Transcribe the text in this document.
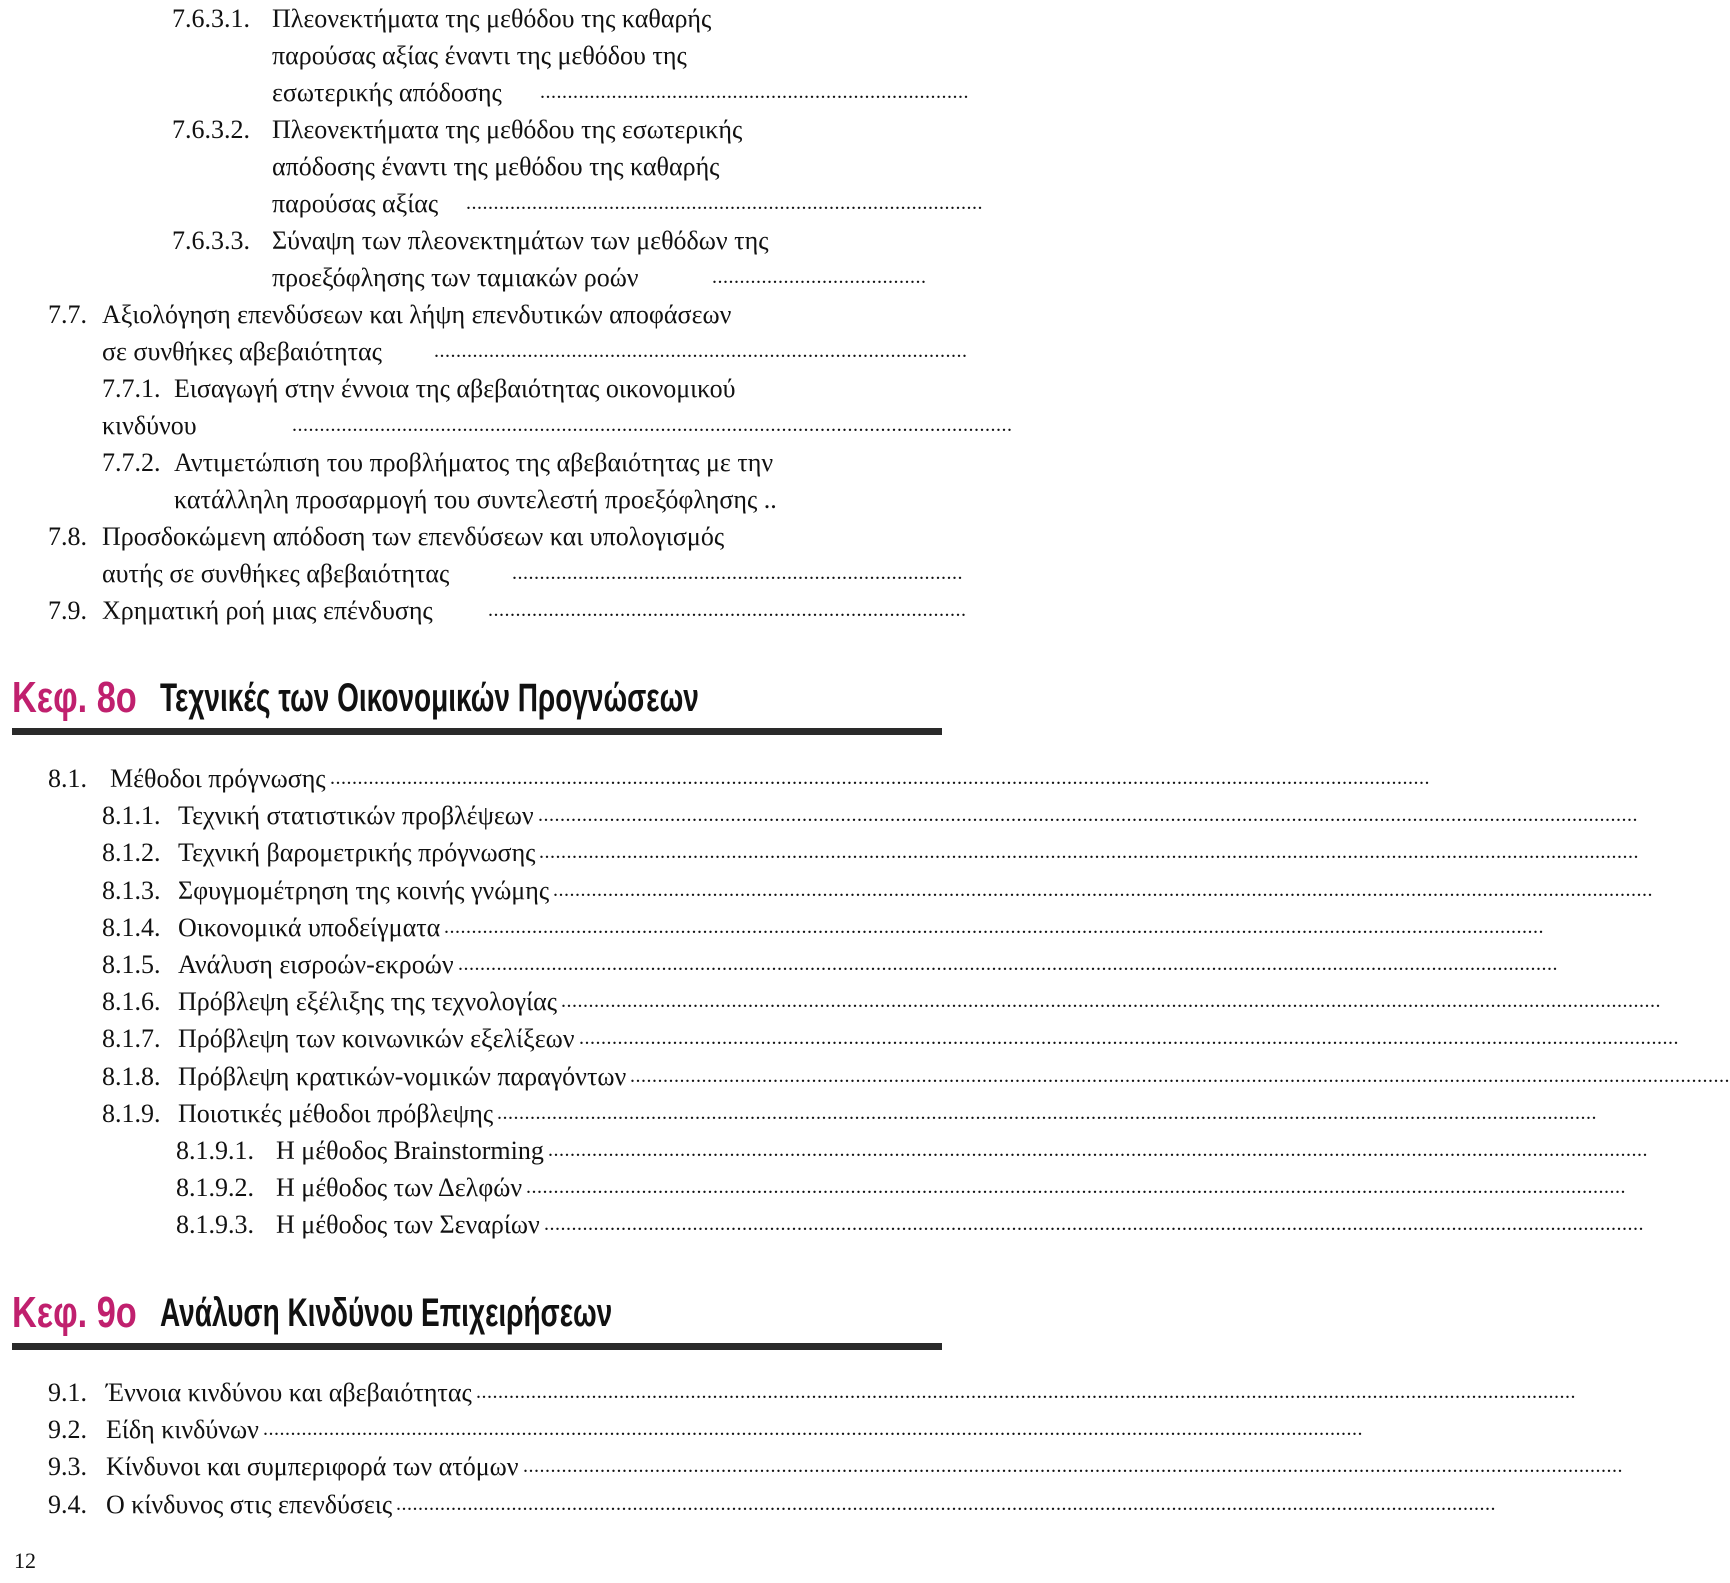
7.6.3.1. Πλεονεκτήματα της μεθόδου της καθαρής
παρούσας αξίας έναντι της μεθόδου της
εσωτερικής απόδοσης ..............................................................................
7.6.3.2. Πλεονεκτήματα της μεθόδου της εσωτερικής
απόδοσης έναντι της μεθόδου της καθαρής
παρούσας αξίας ..............................................................................................
7.6.3.3. Σύναψη των πλεονεκτημάτων των μεθόδων της
προεξόφλησης των ταμιακών ροών	.......................................
7.7. Αξιολόγηση επενδύσεων και λήψη επενδυτικών αποφάσεων
σε συνθήκες αβεβαιότητας	.................................................................................................
7.7.1. Εισαγωγή στην έννοια της αβεβαιότητας οικονομικού
κινδύνου	...................................................................................................................................
7.7.2. Αντιμετώπιση του προβλήματος της αβεβαιότητας με την
κατάλληλη προσαρμογή του συντελεστή προεξόφλησης ..
7.8. Προσδοκώμενη απόδοση των επενδύσεων και υπολογισμός
αυτής σε συνθήκες αβεβαιότητας	..................................................................................
7.9. Χρηματική ροή μιας επένδυσης	.......................................................................................
Κεφ. 8ο Τεχνικές των Οικονομικών Προγνώσεων
8.1. Μέθοδοι πρόγνωσης ........................................................................................................................................................................................................
8.1.1. Τεχνική στατιστικών προβλέψεων ........................................................................................................................................................................................................
8.1.2. Τεχνική βαρομετρικής πρόγνωσης ........................................................................................................................................................................................................
8.1.3. Σφυγμομέτρηση της κοινής γνώμης ........................................................................................................................................................................................................
8.1.4. Οικονομικά υποδείγματα ........................................................................................................................................................................................................
8.1.5. Ανάλυση εισροών-εκροών ........................................................................................................................................................................................................
8.1.6. Πρόβλεψη εξέλιξης της τεχνολογίας ........................................................................................................................................................................................................
8.1.7. Πρόβλεψη των κοινωνικών εξελίξεων ........................................................................................................................................................................................................
8.1.8. Πρόβλεψη κρατικών-νομικών παραγόντων ........................................................................................................................................................................................................
8.1.9. Ποιοτικές μέθοδοι πρόβλεψης ........................................................................................................................................................................................................
8.1.9.1. Η μέθοδος Brainstorming ........................................................................................................................................................................................................
8.1.9.2. Η μέθοδος των Δελφών ........................................................................................................................................................................................................
8.1.9.3. Η μέθοδος των Σεναρίων ........................................................................................................................................................................................................
Κεφ. 9ο Ανάλυση Κινδύνου Επιχειρήσεων
9.1. Έννοια κινδύνου και αβεβαιότητας ........................................................................................................................................................................................................
9.2. Είδη κινδύνων ........................................................................................................................................................................................................
9.3. Κίνδυνοι και συμπεριφορά των ατόμων ........................................................................................................................................................................................................
9.4. Ο κίνδυνος στις επενδύσεις ........................................................................................................................................................................................................
12
